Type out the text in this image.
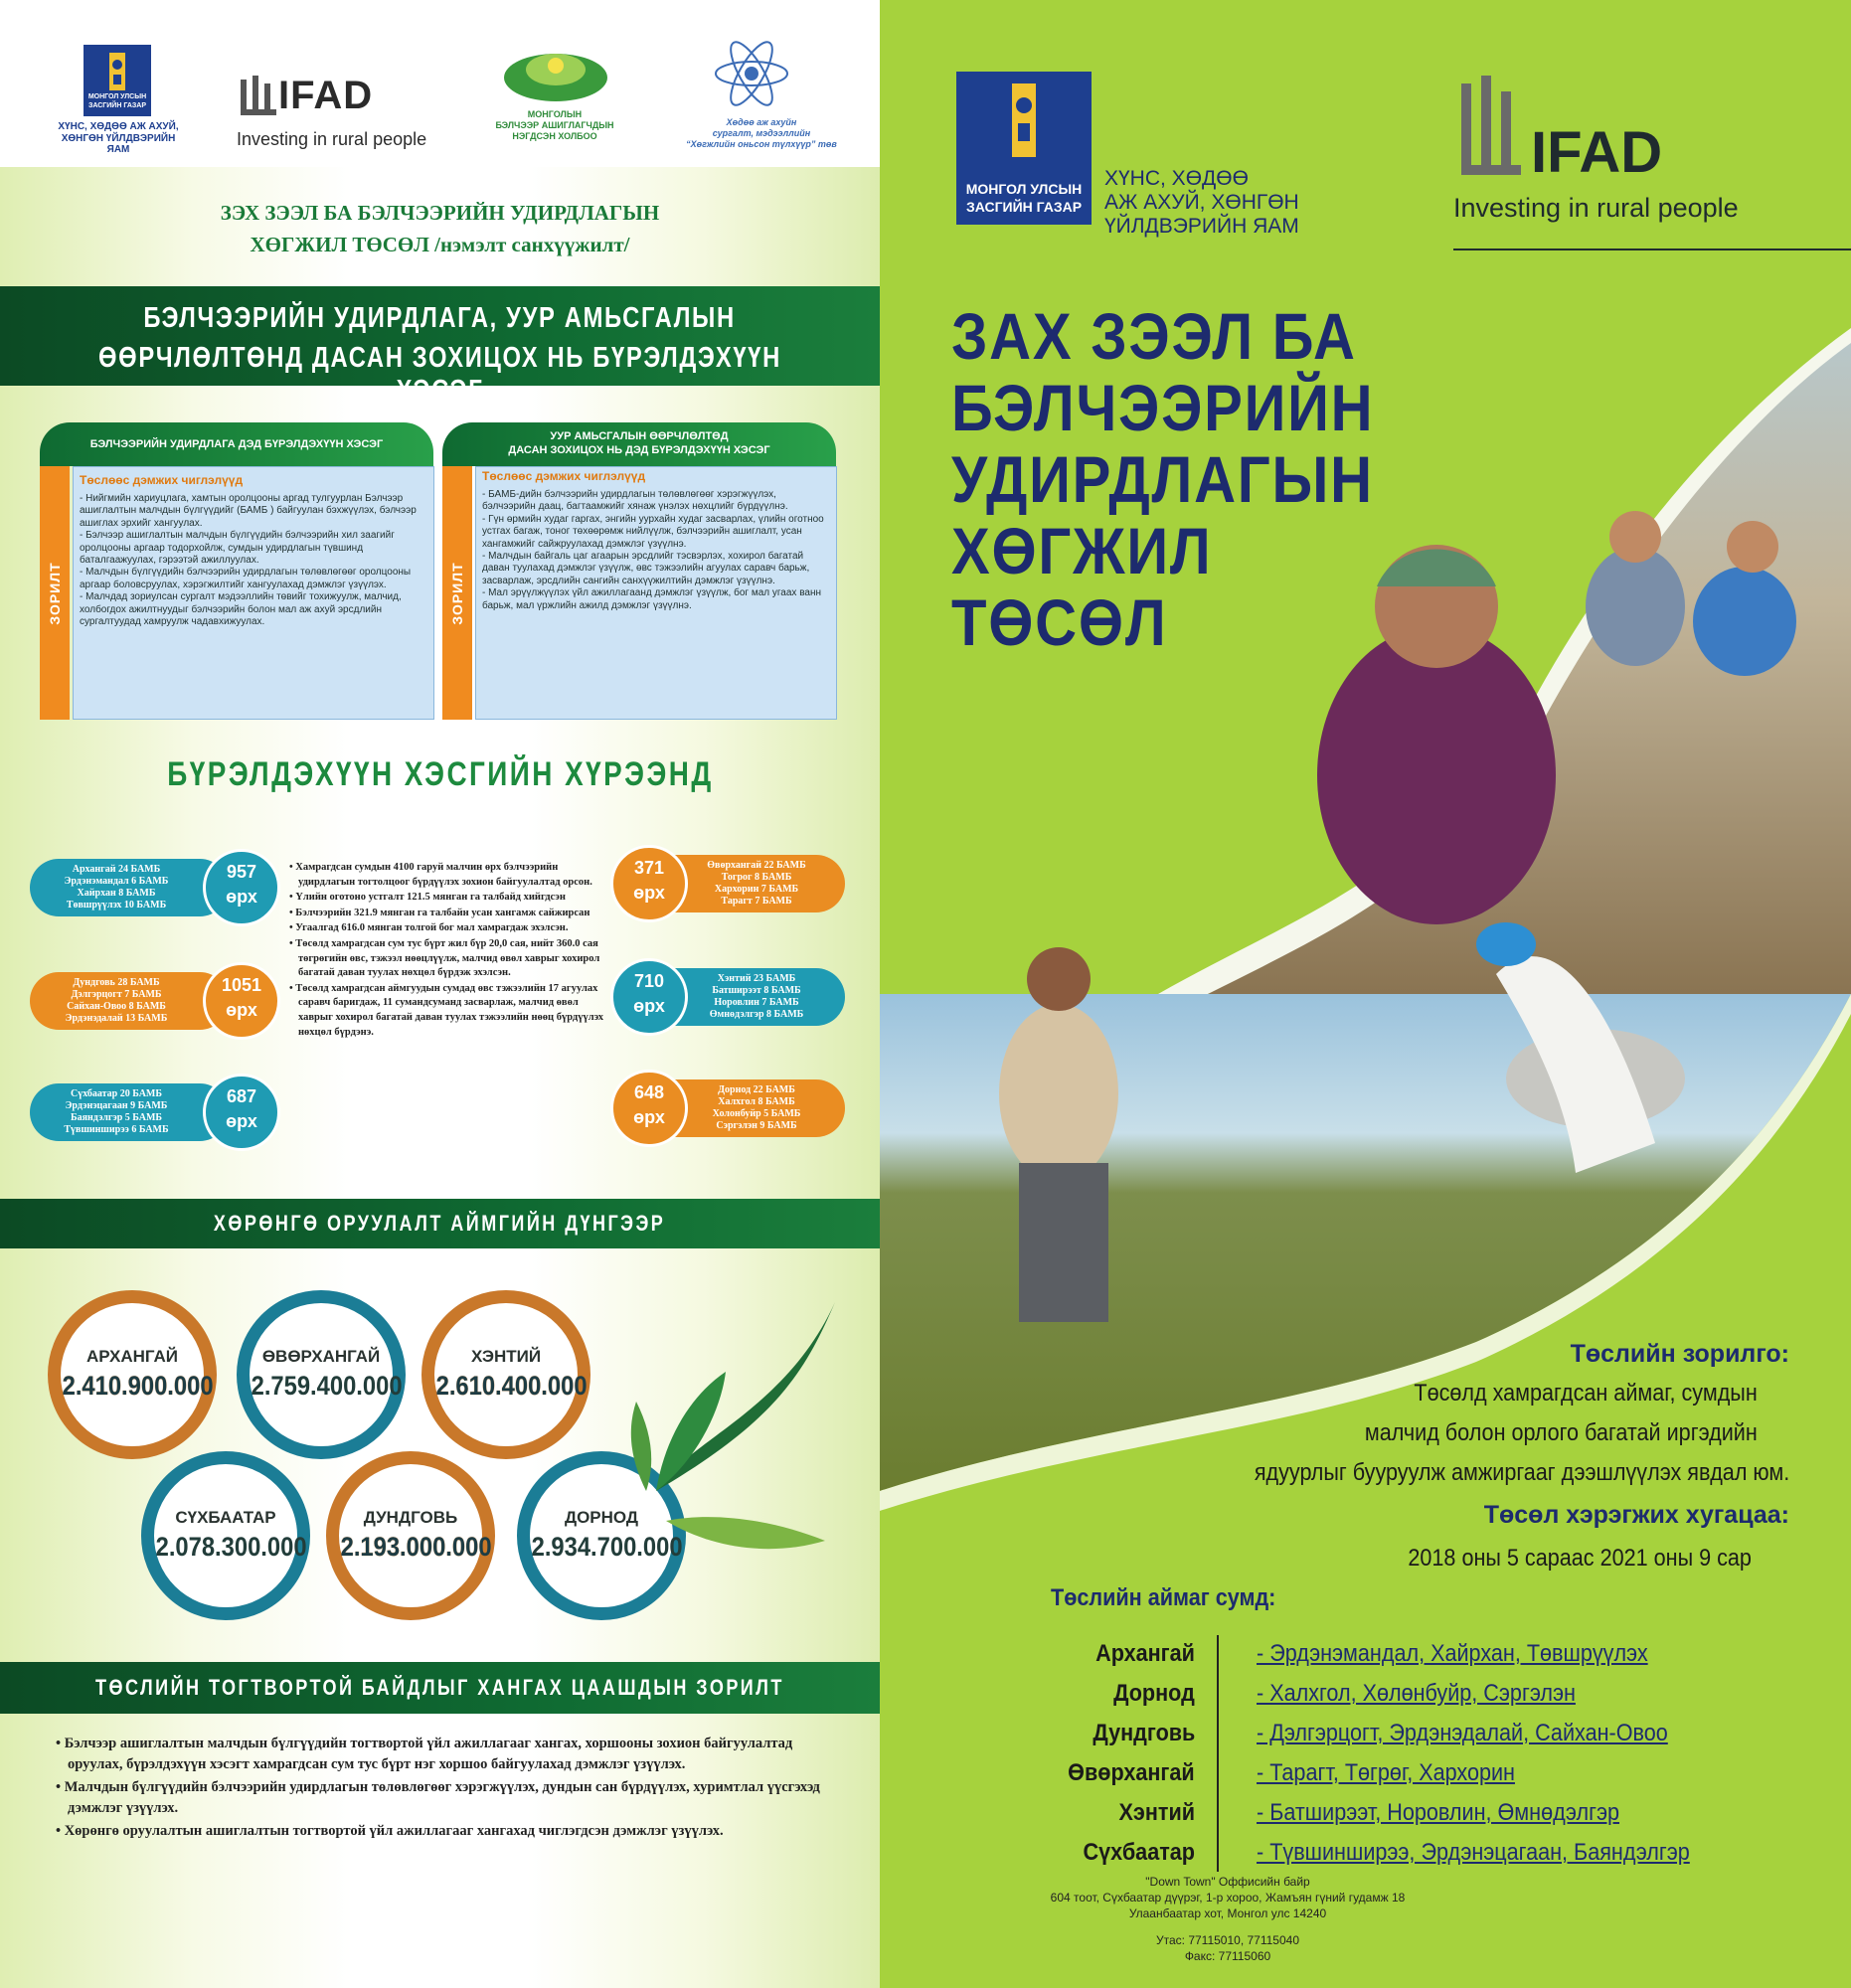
МОНГОЛ УЛСЫН ЗАСГИЙН ГАЗАР
ХҮНС, ХӨДӨӨ АЖ АХУЙ,
ХӨНГӨН ҮЙЛДВЭРИЙН ЯАМ
IFAD
Investing in rural people
МОНГОЛЫН
БЭЛЧЭЭР АШИГЛАГЧДЫН
НЭГДСЭН ХОЛБОО
Хөдөө аж ахуйн
сургалт, мэдээллийн
“Хөгжлийн оньсон түлхүүр” төв
ЗЭХ ЗЭЭЛ БА БЭЛЧЭЭРИЙН УДИРДЛАГЫН
ХӨГЖИЛ ТӨСӨЛ /нэмэлт санхүүжилт/
БЭЛЧЭЭРИЙН УДИРДЛАГА, УУР АМЬСГАЛЫН
ӨӨРЧЛӨЛТӨНД ДАСАН ЗОХИЦОХ НЬ БҮРЭЛДЭХҮҮН ХЭСЭГ
БЭЛЧЭЭРИЙН УДИРДЛАГА ДЭД БҮРЭЛДЭХҮҮН ХЭСЭГ
ЗОРИЛТ
Төслөөс дэмжих чиглэлүүд
- Нийгмийн хариуцлага, хамтын оролцооны аргад тулгуурлан Бэлчээр ашиглалтын малчдын бүлгүүдийг (БАМБ ) байгуулан бэхжүүлэх, бэлчээр ашиглах эрхийг хангуулах.
- Бэлчээр ашиглалтын малчдын бүлгүүдийн бэлчээрийн хил заагийг оролцооны аргаар тодорхойлж, сумдын удирдлагын түвшинд баталгаажуулах, гэрээтэй ажиллуулах.
- Малчдын бүлгүүдийн бэлчээрийн удирдлагын төлөвлөгөөг оролцооны аргаар боловсруулах, хэрэгжилтийг хангуулахад дэмжлэг үзүүлэх.
- Малчдад зориулсан сургалт мэдээллийн төвийг тохижуулж, малчид, холбогдох ажилтнуудыг бэлчээрийн болон мал аж ахуй эрсдлийн сургалтуудад хамруулж чадавхижуулах.
УУР АМЬСГАЛЫН ӨӨРЧЛӨЛТӨД
ДАСАН ЗОХИЦОХ НЬ ДЭД БҮРЭЛДЭХҮҮН ХЭСЭГ
ЗОРИЛТ
Төслөөс дэмжих чиглэлүүд
- БАМБ-дийн бэлчээрийн удирдлагын төлөвлөгөөг хэрэгжүүлэх, бэлчээрийн даац, багтаамжийг хянаж үнэлэх нөхцлийг бүрдүүлнэ.
- Гүн өрмийн худаг гаргах, энгийн уурхайн худаг засварлах, үлийн оготноо устгах багаж, тоног төхөөрөмж нийлүүлж, бэлчээрийн ашиглалт, усан хангамжийг сайжруулахад дэмжлэг үзүүлнэ.
- Малчдын байгаль цаг агаарын эрсдлийг тэсвэрлэх, хохирол багатай даван туулахад дэмжлэг үзүүлж, өвс тэжээлийн агуулах саравч барьж, засварлаж, эрсдлийн сангийн санхүүжилтийн дэмжлэг үзүүлнэ.
- Мал эрүүлжүүлэх үйл ажиллагаанд дэмжлэг үзүүлж, бог мал угаах ванн барьж, мал үржлийн ажилд дэмжлэг үзүүлнэ.
БҮРЭЛДЭХҮҮН ХЭСГИЙН ХҮРЭЭНД
Архангай 24 БАМБ
Эрдэнэмандал 6 БАМБ
Хайрхан 8 БАМБ
Төвшрүүлэх 10 БАМБ
957
өрх
Дундговь 28 БАМБ
Дэлгэрцогт 7 БАМБ
Сайхан-Овоо 8 БАМБ
Эрдэнэдалай 13 БАМБ
1051
өрх
Сүхбаатар 20 БАМБ
Эрдэнэцагаан 9 БАМБ
Баяндэлгэр 5 БАМБ
Түвшинширээ 6 БАМБ
687
өрх
Өвөрхангай 22 БАМБ
Тогрог 8 БАМБ
Хархорин 7 БАМБ
Тарагт 7 БАМБ
371
өрх
Хэнтий 23 БАМБ
Батширээт 8 БАМБ
Норовлин 7 БАМБ
Өмнөдэлгэр 8 БАМБ
710
өрх
Дорнод 22 БАМБ
Халхгол 8 БАМБ
Холонбуйр 5 БАМБ
Сэргэлэн 9 БАМБ
648
өрх
• Хамрагдсан сумдын 4100 гаруй малчин өрх бэлчээрийн удирдлагын тогтолцоог бүрдүүлэх зохион байгуулалтад орсон.
• Үлийн оготоно устгалт 121.5 мянган га талбайд хийгдсэн
• Бэлчээрийн 321.9 мянган га талбайн усан хангамж сайжирсан
• Угаалгад 616.0 мянган толгой бог мал хамрагдаж эхэлсэн.
• Төсөлд хамрагдсан сум тус бүрт жил бүр 20,0 сая, нийт 360.0 сая төгрөгийн өвс, тэжээл нөөцлүүлж, малчид өвөл хаврыг хохирол багатай даван туулах нөхцөл бүрдэж эхэлсэн.
• Төсөлд хамрагдсан аймгуудын сумдад өвс тэжээлийн 17 агуулах саравч баригдаж, 11 сумандсуманд засварлаж, малчид өвөл хаврыг хохирол багатай даван туулах тэжээлийн нөөц бүрдүүлэх нөхцөл бүрдэнэ.
ХӨРӨНГӨ ОРУУЛАЛТ АЙМГИЙН ДҮНГЭЭР
АРХАНГАЙ
2.410.900.000
ӨВӨРХАНГАЙ
2.759.400.000
ХЭНТИЙ
2.610.400.000
СҮХБААТАР
2.078.300.000
ДУНДГОВЬ
2.193.000.000
ДОРНОД
2.934.700.000
ТӨСЛИЙН ТОГТВОРТОЙ БАЙДЛЫГ ХАНГАХ ЦААШДЫН ЗОРИЛТ
• Бэлчээр ашиглалтын малчдын бүлгүүдийн тогтвортой үйл ажиллагааг хангах, хоршооны зохион байгуулалтад оруулах, бүрэлдэхүүн хэсэгт хамрагдсан сум тус бүрт нэг хоршоо байгуулахад дэмжлэг үзүүлэх.
• Малчдын бүлгүүдийн бэлчээрийн удирдлагын төлөвлөгөөг хэрэгжүүлэх, дундын сан бүрдүүлэх, хуримтлал үүсгэхэд дэмжлэг үзүүлэх.
• Хөрөнгө оруулалтын ашиглалтын тогтвортой үйл ажиллагааг хангахад чиглэгдсэн дэмжлэг үзүүлэх.
МОНГОЛ УЛСЫН
ЗАСГИЙН ГАЗАР
ХҮНС, ХӨДӨӨ
АЖ АХУЙ, ХӨНГӨН
ҮЙЛДВЭРИЙН ЯАМ
IFAD
Investing in rural people
ЗАХ ЗЭЭЛ БА
БЭЛЧЭЭРИЙН
УДИРДЛАГЫН
ХӨГЖИЛ
ТӨСӨЛ
Төслийн зорилго:
Төсөлд хамрагдсан аймаг, сумдын
малчид болон орлого багатай иргэдийн
ядуурлыг бууруулж амжиргааг дээшлүүлэх явдал юм.
Төсөл хэрэгжих хугацаа:
2018 оны 5 сараас 2021 оны 9 сар
Төслийн аймаг сумд:
Архангай	- Эрдэнэмандал, Хайрхан, Төвшрүүлэх
Дорнод	- Халхгол, Хөлөнбуйр, Сэргэлэн
Дундговь	- Дэлгэрцогт, Эрдэнэдалай, Сайхан-Овоо
Өвөрхангай	- Тарагт, Төгрөг, Хархорин
Хэнтий	- Батширээт, Норовлин, Өмнөдэлгэр
Сүхбаатар	- Түвшинширээ, Эрдэнэцагаан, Баяндэлгэр
"Down Town" Оффисийн байр
604 тоот, Сүхбаатар дүүрэг, 1-р хороо, Жамъян гүний гудамж 18
Улаанбаатар хот, Монгол улс 14240
Утас: 77115010, 77115040
Факс: 77115060
